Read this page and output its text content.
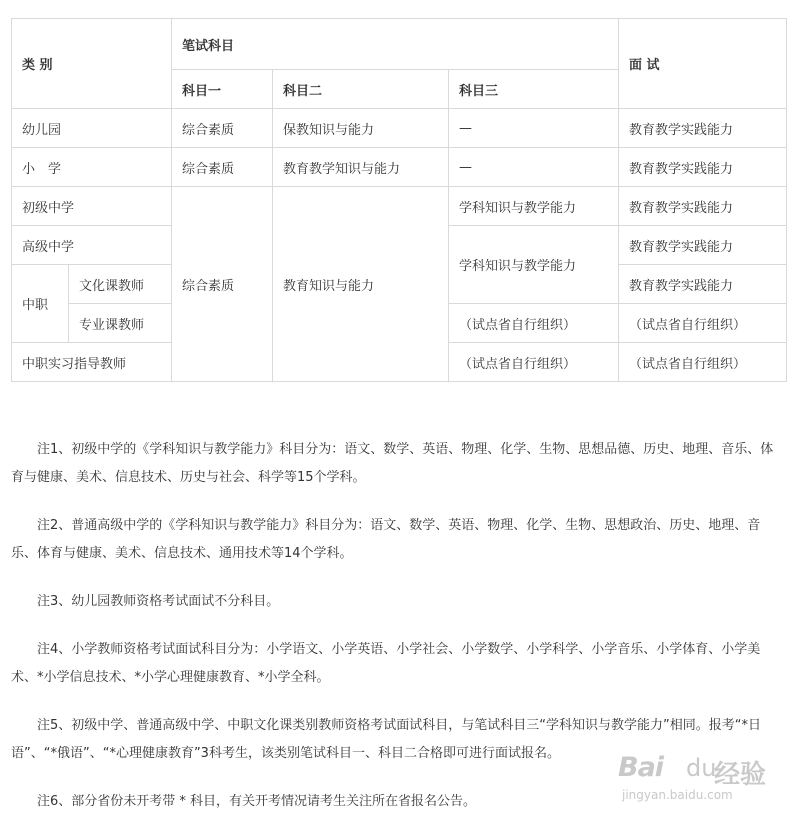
类 别		笔试科目			面 试
		科目一	科目二	科目三	
幼儿园		综合素质	保教知识与能力	—	教育教学实践能力
小　学		综合素质	教育教学知识与能力	—	教育教学实践能力
初级中学		综合素质	教育知识与能力	学科知识与教学能力	教育教学实践能力
高级中学				学科知识与教学能力	教育教学实践能力
中职	文化课教师				教育教学实践能力
	专业课教师			（试点省自行组织）	（试点省自行组织）
中职实习指导教师				（试点省自行组织）	（试点省自行组织）

注1、初级中学的《学科知识与教学能力》科目分为：语文、数学、英语、物理、化学、生物、思想品德、历史、地理、音乐、体育与健康、美术、信息技术、历史与社会、科学等15个学科。

注2、普通高级中学的《学科知识与教学能力》科目分为：语文、数学、英语、物理、化学、生物、思想政治、历史、地理、音乐、体育与健康、美术、信息技术、通用技术等14个学科。

注3、幼儿园教师资格考试面试不分科目。

注4、小学教师资格考试面试科目分为：小学语文、小学英语、小学社会、小学数学、小学科学、小学音乐、小学体育、小学美术、*小学信息技术、*小学心理健康教育、*小学全科。

注5、初级中学、普通高级中学、中职文化课类别教师资格考试面试科目，与笔试科目三“学科知识与教学能力”相同。报考“*日语”、“*俄语”、“*心理健康教育”3科考生，该类别笔试科目一、科目二合格即可进行面试报名。

注6、部分省份未开考带 * 科目，有关开考情况请考生关注所在省报名公告。

Bai du
经验
jingyan.baidu.com
